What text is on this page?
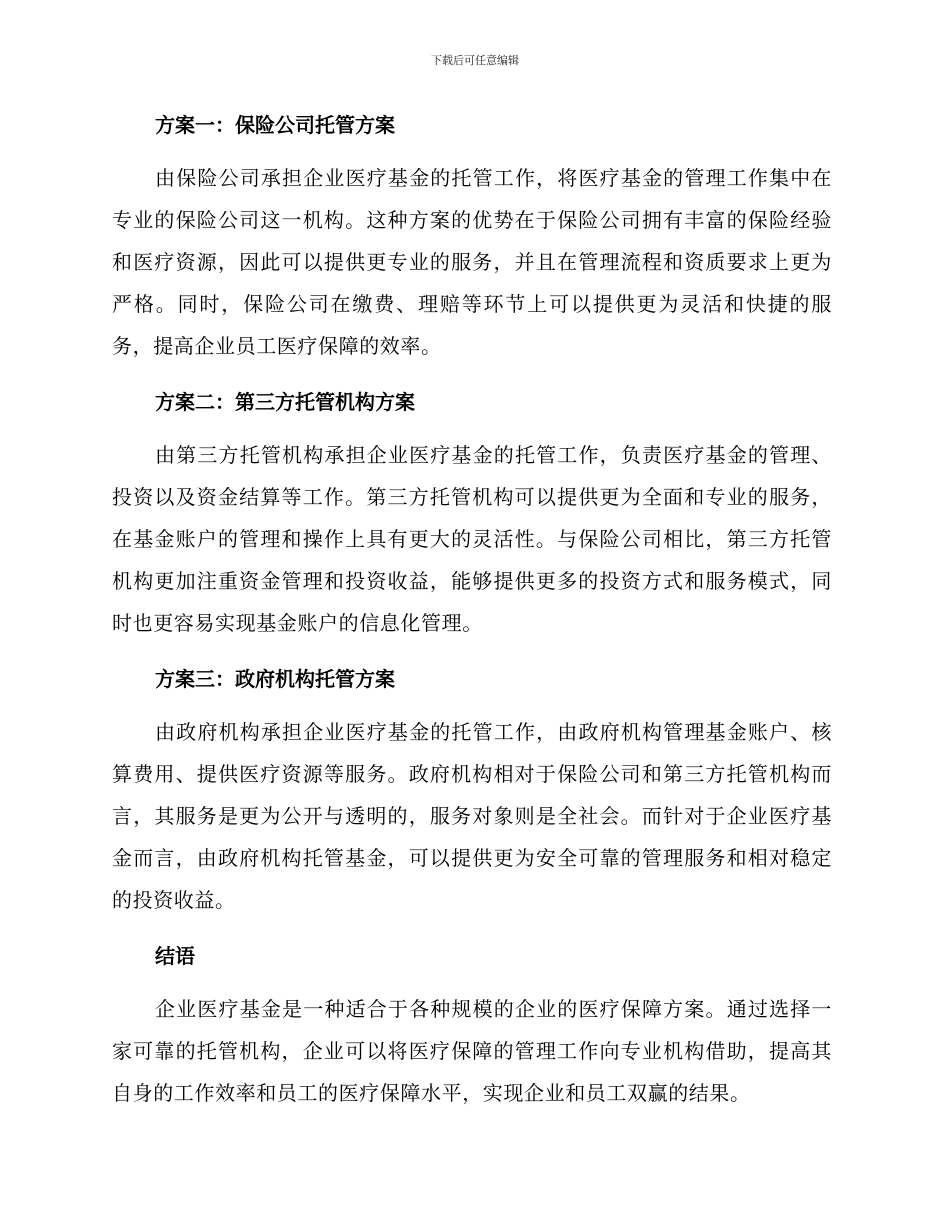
下载后可任意编辑
方案一：保险公司托管方案

由保险公司承担企业医疗基金的托管工作，将医疗基金的管理工作集中在专业的保险公司这一机构。这种方案的优势在于保险公司拥有丰富的保险经验和医疗资源，因此可以提供更专业的服务，并且在管理流程和资质要求上更为严格。同时，保险公司在缴费、理赔等环节上可以提供更为灵活和快捷的服务，提高企业员工医疗保障的效率。

方案二：第三方托管机构方案

由第三方托管机构承担企业医疗基金的托管工作，负责医疗基金的管理、投资以及资金结算等工作。第三方托管机构可以提供更为全面和专业的服务，在基金账户的管理和操作上具有更大的灵活性。与保险公司相比，第三方托管机构更加注重资金管理和投资收益，能够提供更多的投资方式和服务模式，同时也更容易实现基金账户的信息化管理。

方案三：政府机构托管方案

由政府机构承担企业医疗基金的托管工作，由政府机构管理基金账户、核算费用、提供医疗资源等服务。政府机构相对于保险公司和第三方托管机构而言，其服务是更为公开与透明的，服务对象则是全社会。而针对于企业医疗基金而言，由政府机构托管基金，可以提供更为安全可靠的管理服务和相对稳定的投资收益。

结语

企业医疗基金是一种适合于各种规模的企业的医疗保障方案。通过选择一家可靠的托管机构，企业可以将医疗保障的管理工作向专业机构借助，提高其自身的工作效率和员工的医疗保障水平，实现企业和员工双赢的结果。
